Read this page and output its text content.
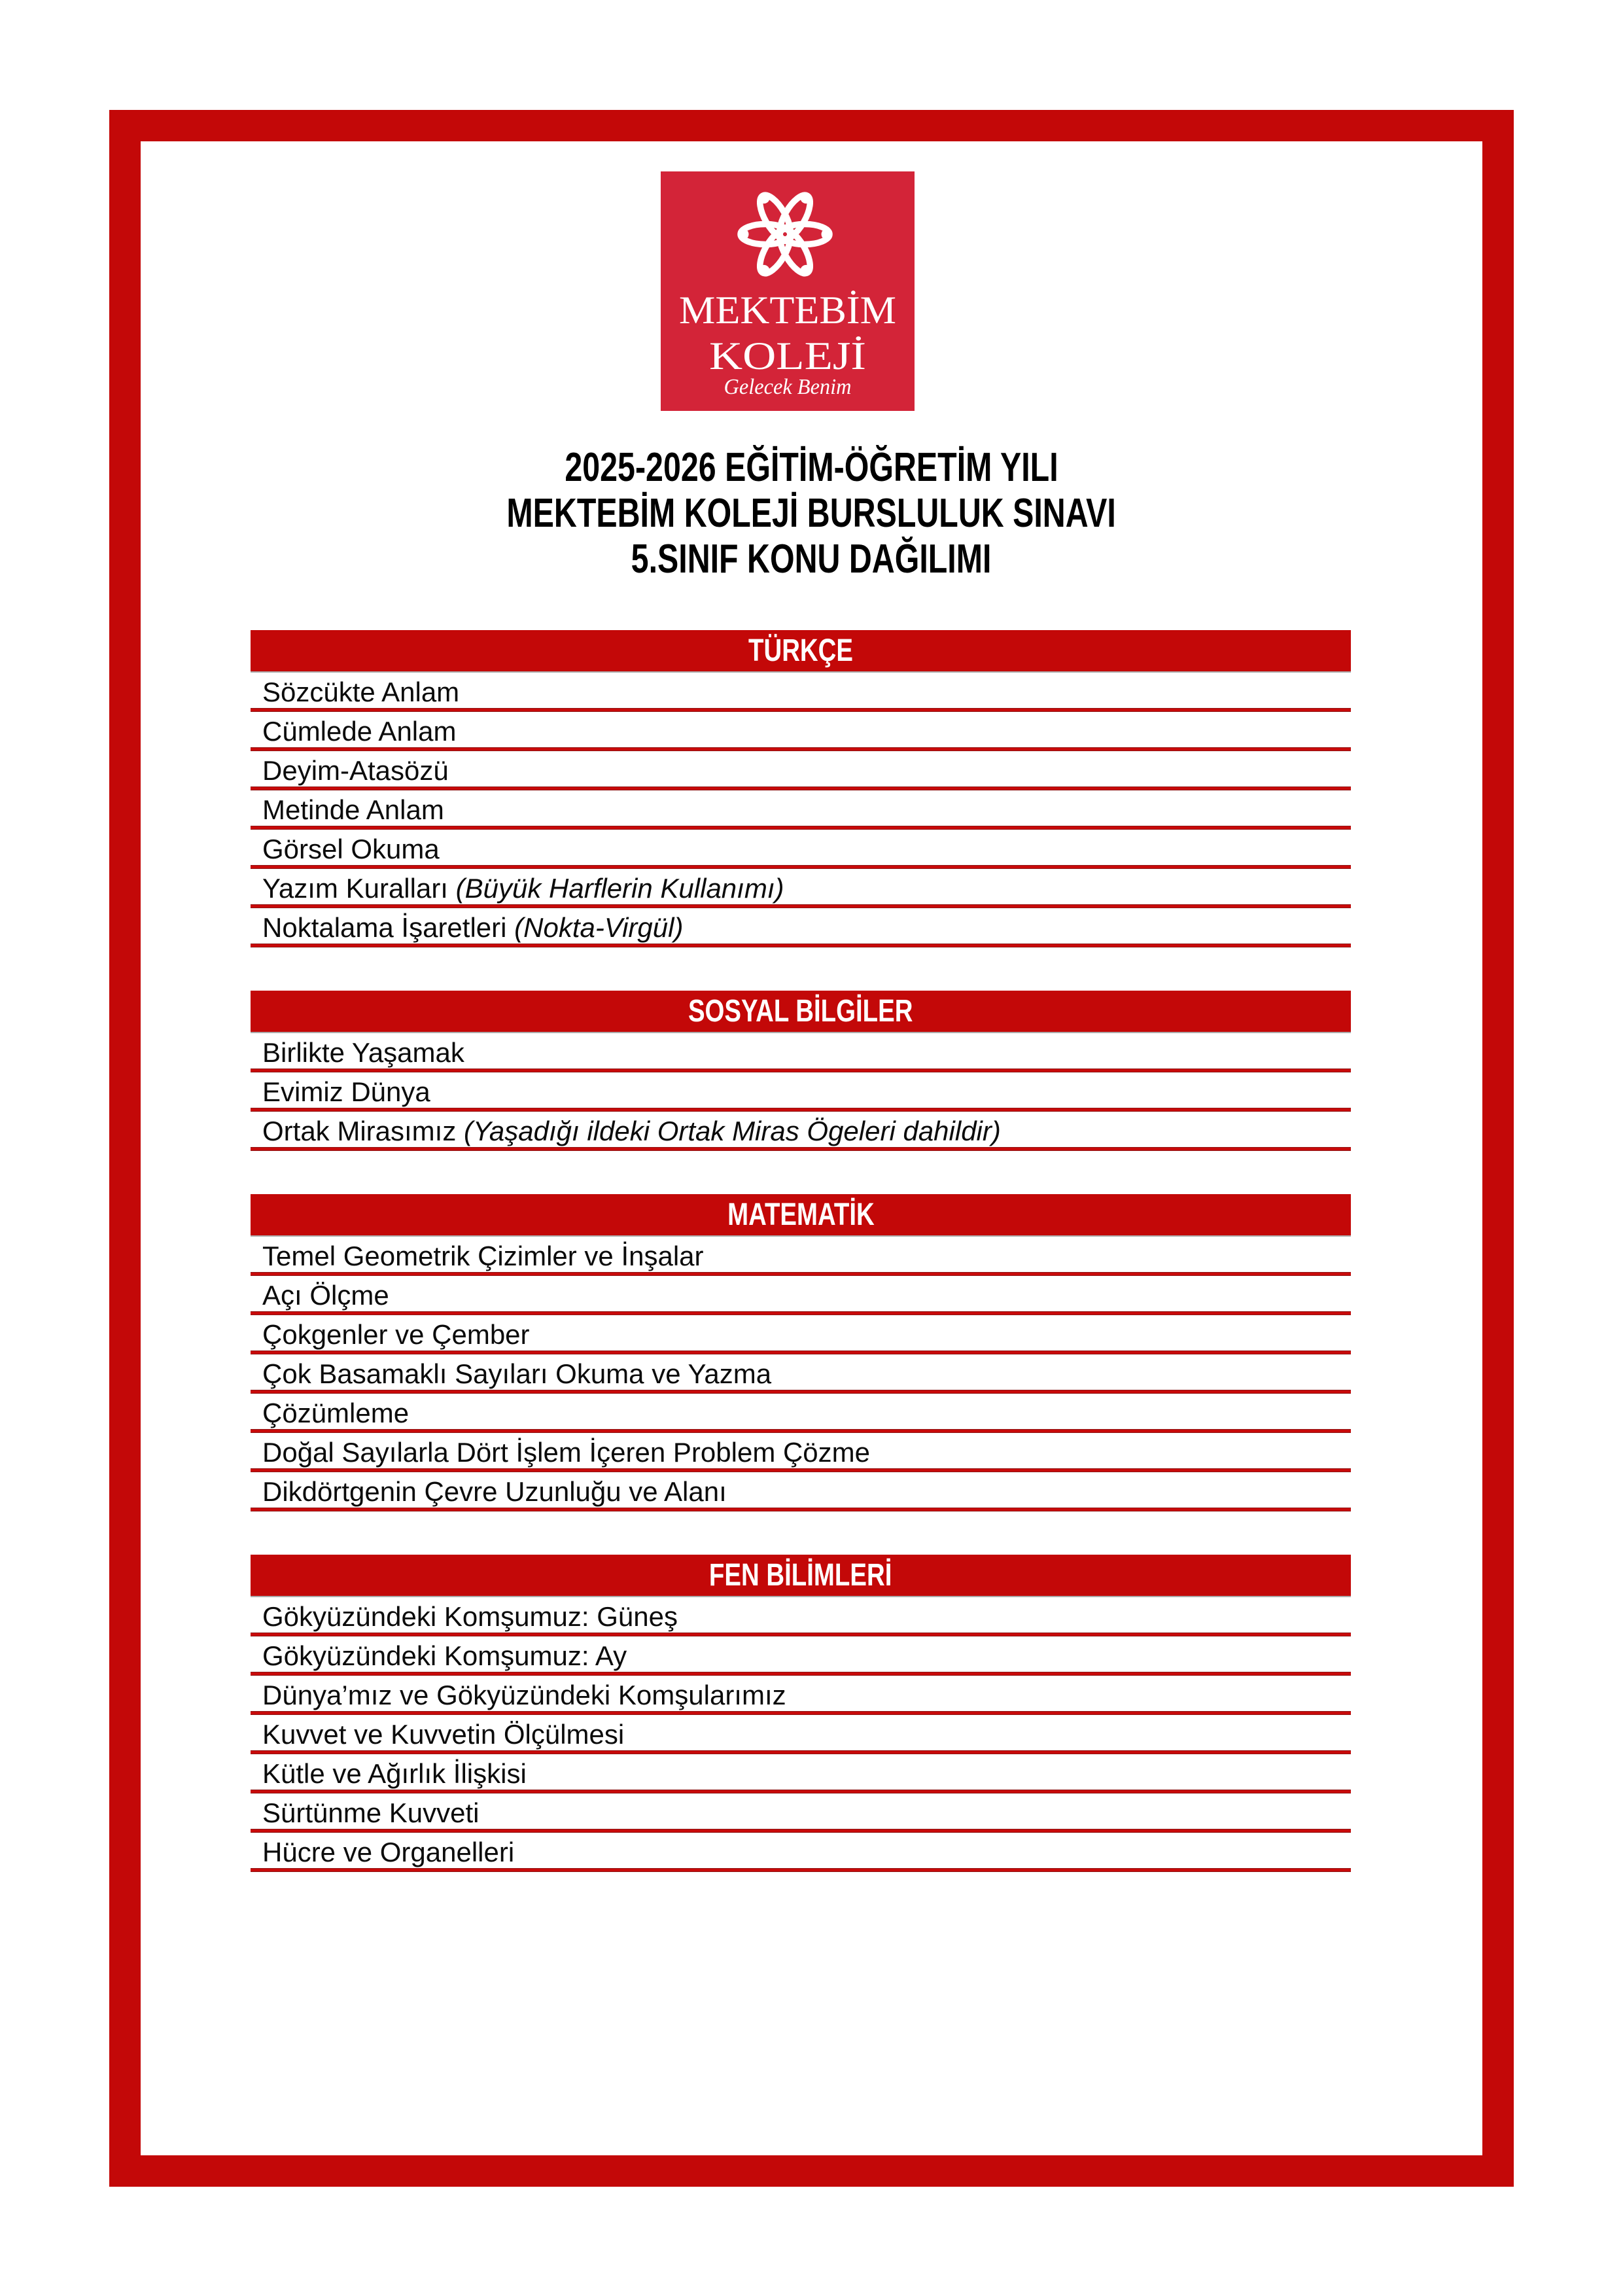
MEKTEBİM
KOLEJİ
Gelecek Benim
2025-2026 EĞİTİM-ÖĞRETİM YILI
MEKTEBİM KOLEJİ BURSLULUK SINAVI
5.SINIF KONU DAĞILIMI
TÜRKÇE
Sözcükte Anlam
Cümlede Anlam
Deyim-Atasözü
Metinde Anlam
Görsel Okuma
Yazım Kuralları (Büyük Harflerin Kullanımı)
Noktalama İşaretleri (Nokta-Virgül)
SOSYAL BİLGİLER
Birlikte Yaşamak
Evimiz Dünya
Ortak Mirasımız (Yaşadığı ildeki Ortak Miras Ögeleri dahildir)
MATEMATİK
Temel Geometrik Çizimler ve İnşalar
Açı Ölçme
Çokgenler ve Çember
Çok Basamaklı Sayıları Okuma ve Yazma
Çözümleme
Doğal Sayılarla Dört İşlem İçeren Problem Çözme
Dikdörtgenin Çevre Uzunluğu ve Alanı
FEN BİLİMLERİ
Gökyüzündeki Komşumuz: Güneş
Gökyüzündeki Komşumuz: Ay
Dünya’mız ve Gökyüzündeki Komşularımız
Kuvvet ve Kuvvetin Ölçülmesi
Kütle ve Ağırlık İlişkisi
Sürtünme Kuvveti
Hücre ve Organelleri
